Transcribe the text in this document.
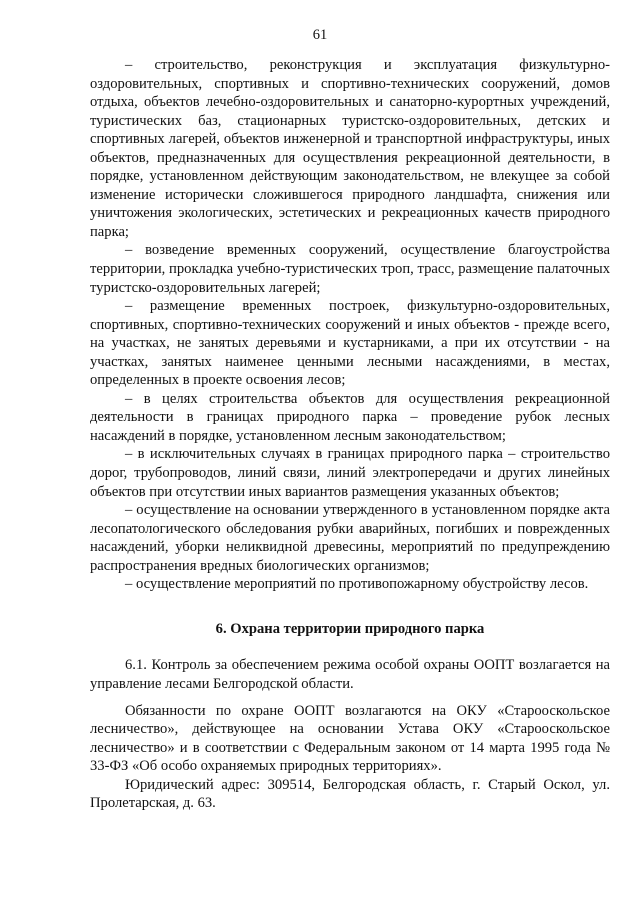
61

– строительство, реконструкция и эксплуатация физкультурно-оздоровительных, спортивных и спортивно-технических сооружений, домов отдыха, объектов лечебно-оздоровительных и санаторно-курортных учреждений, туристических баз, стационарных туристско-оздоровительных, детских и спортивных лагерей, объектов инженерной и транспортной инфраструктуры, иных объектов, предназначенных для осуществления рекреационной деятельности, в порядке, установленном действующим законодательством, не влекущее за собой изменение исторически сложившегося природного ландшафта, снижения или уничтожения экологических, эстетических и рекреационных качеств природного парка;

– возведение временных сооружений, осуществление благоустройства территории, прокладка учебно-туристических троп, трасс, размещение палаточных туристско-оздоровительных лагерей;

– размещение временных построек, физкультурно-оздоровительных, спортивных, спортивно-технических сооружений и иных объектов - прежде всего, на участках, не занятых деревьями и кустарниками, а при их отсутствии - на участках, занятых наименее ценными лесными насаждениями, в местах, определенных в проекте освоения лесов;

– в целях строительства объектов для осуществления рекреационной деятельности в границах природного парка – проведение рубок лесных насаждений в порядке, установленном лесным законодательством;

– в исключительных случаях в границах природного парка – строительство дорог, трубопроводов, линий связи, линий электропередачи и других линейных объектов при отсутствии иных вариантов размещения указанных объектов;

– осуществление на основании утвержденного в установленном порядке акта лесопатологического обследования рубки аварийных, погибших и поврежденных насаждений, уборки неликвидной древесины, мероприятий по предупреждению распространения вредных биологических организмов;

– осуществление мероприятий по противопожарному обустройству лесов.

6. Охрана территории природного парка

6.1. Контроль за обеспечением режима особой охраны ООПТ возлагается на управление лесами Белгородской области.

Обязанности по охране ООПТ возлагаются на ОКУ «Старооскольское лесничество», действующее на основании Устава ОКУ «Старооскольское лесничество» и в соответствии с Федеральным законом от 14 марта 1995 года № 33-ФЗ «Об особо охраняемых природных территориях».

Юридический адрес: 309514, Белгородская область, г. Старый Оскол, ул. Пролетарская, д. 63.
